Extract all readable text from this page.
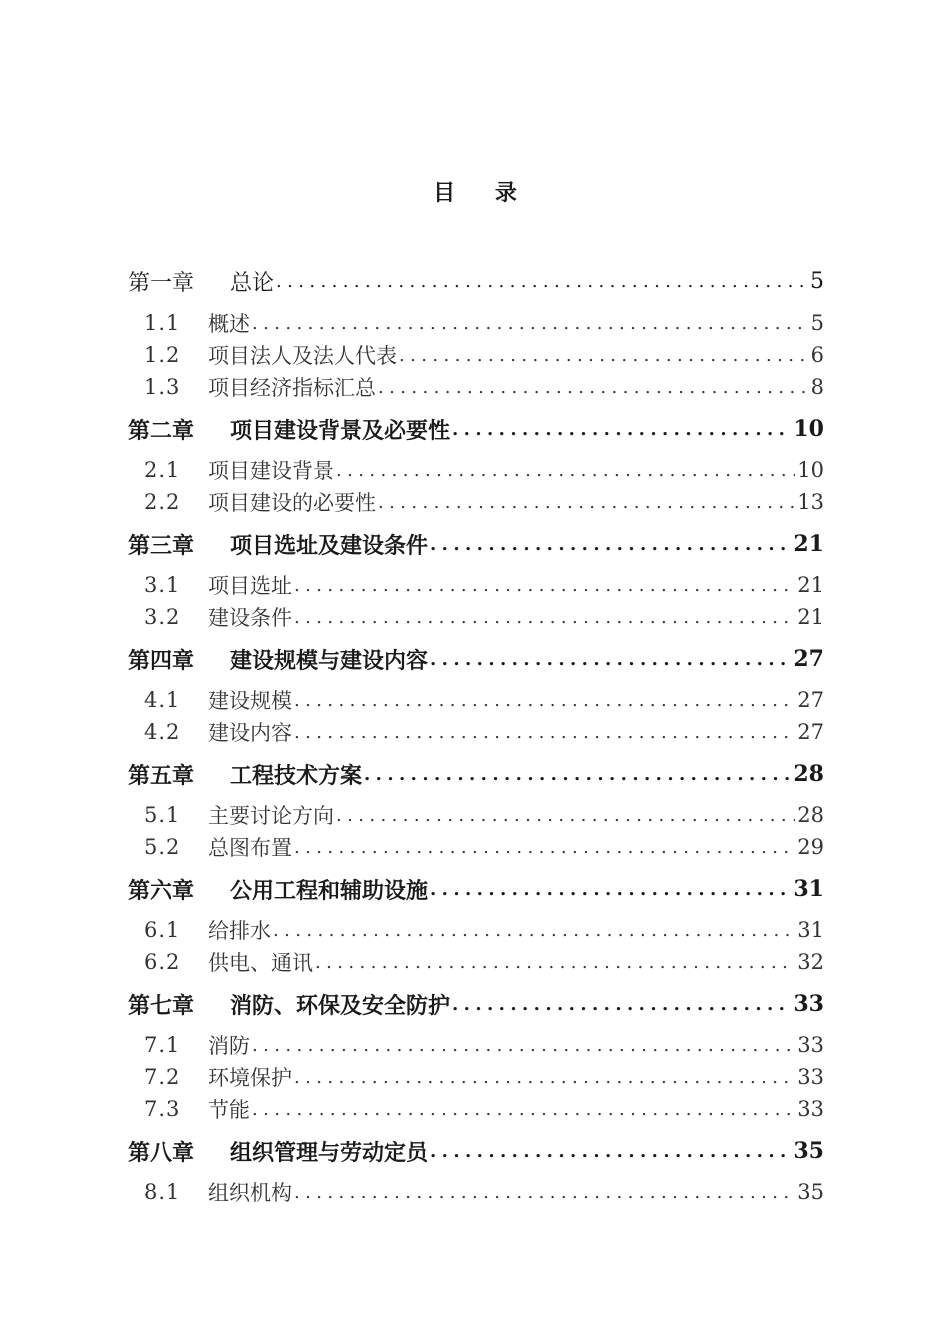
目 录
第一章	总论 .....	5
1.1	概述 .....	5
1.2	项目法人及法人代表 .....	6
1.3	项目经济指标汇总 .....	8
第二章	项目建设背景及必要性 .....	10
2.1	项目建设背景 .....	10
2.2	项目建设的必要性 .....	13
第三章	项目选址及建设条件 .....	21
3.1	项目选址 .....	21
3.2	建设条件 .....	21
第四章	建设规模与建设内容 .....	27
4.1	建设规模 .....	27
4.2	建设内容 .....	27
第五章	工程技术方案 .....	28
5.1	主要讨论方向 .....	28
5.2	总图布置 .....	29
第六章	公用工程和辅助设施 .....	31
6.1	给排水 .....	31
6.2	供电、通讯 .....	32
第七章	消防、环保及安全防护 .....	33
7.1	消防 .....	33
7.2	环境保护 .....	33
7.3	节能 .....	33
第八章	组织管理与劳动定员 .....	35
8.1	组织机构 .....	35
